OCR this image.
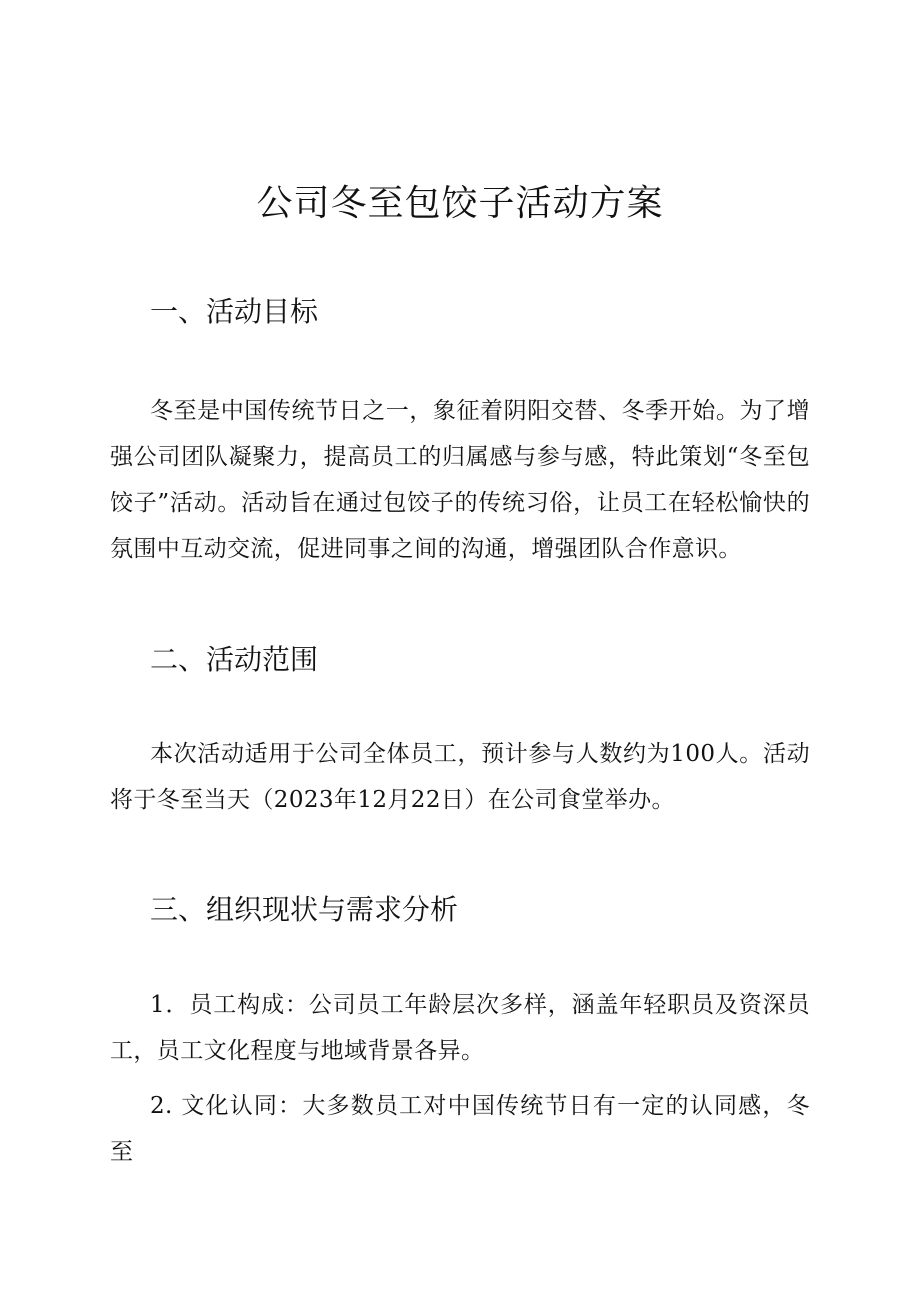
公司冬至包饺子活动方案
一、活动目标

冬至是中国传统节日之一，象征着阴阳交替、冬季开始。为了增强公司团队凝聚力，提高员工的归属感与参与感，特此策划“冬至包饺子”活动。活动旨在通过包饺子的传统习俗，让员工在轻松愉快的氛围中互动交流，促进同事之间的沟通，增强团队合作意识。

二、活动范围

本次活动适用于公司全体员工，预计参与人数约为100人。活动将于冬至当天（2023年12月22日）在公司食堂举办。

三、组织现状与需求分析

1．员工构成：公司员工年龄层次多样，涵盖年轻职员及资深员工，员工文化程度与地域背景各异。

2. 文化认同：大多数员工对中国传统节日有一定的认同感，冬至
